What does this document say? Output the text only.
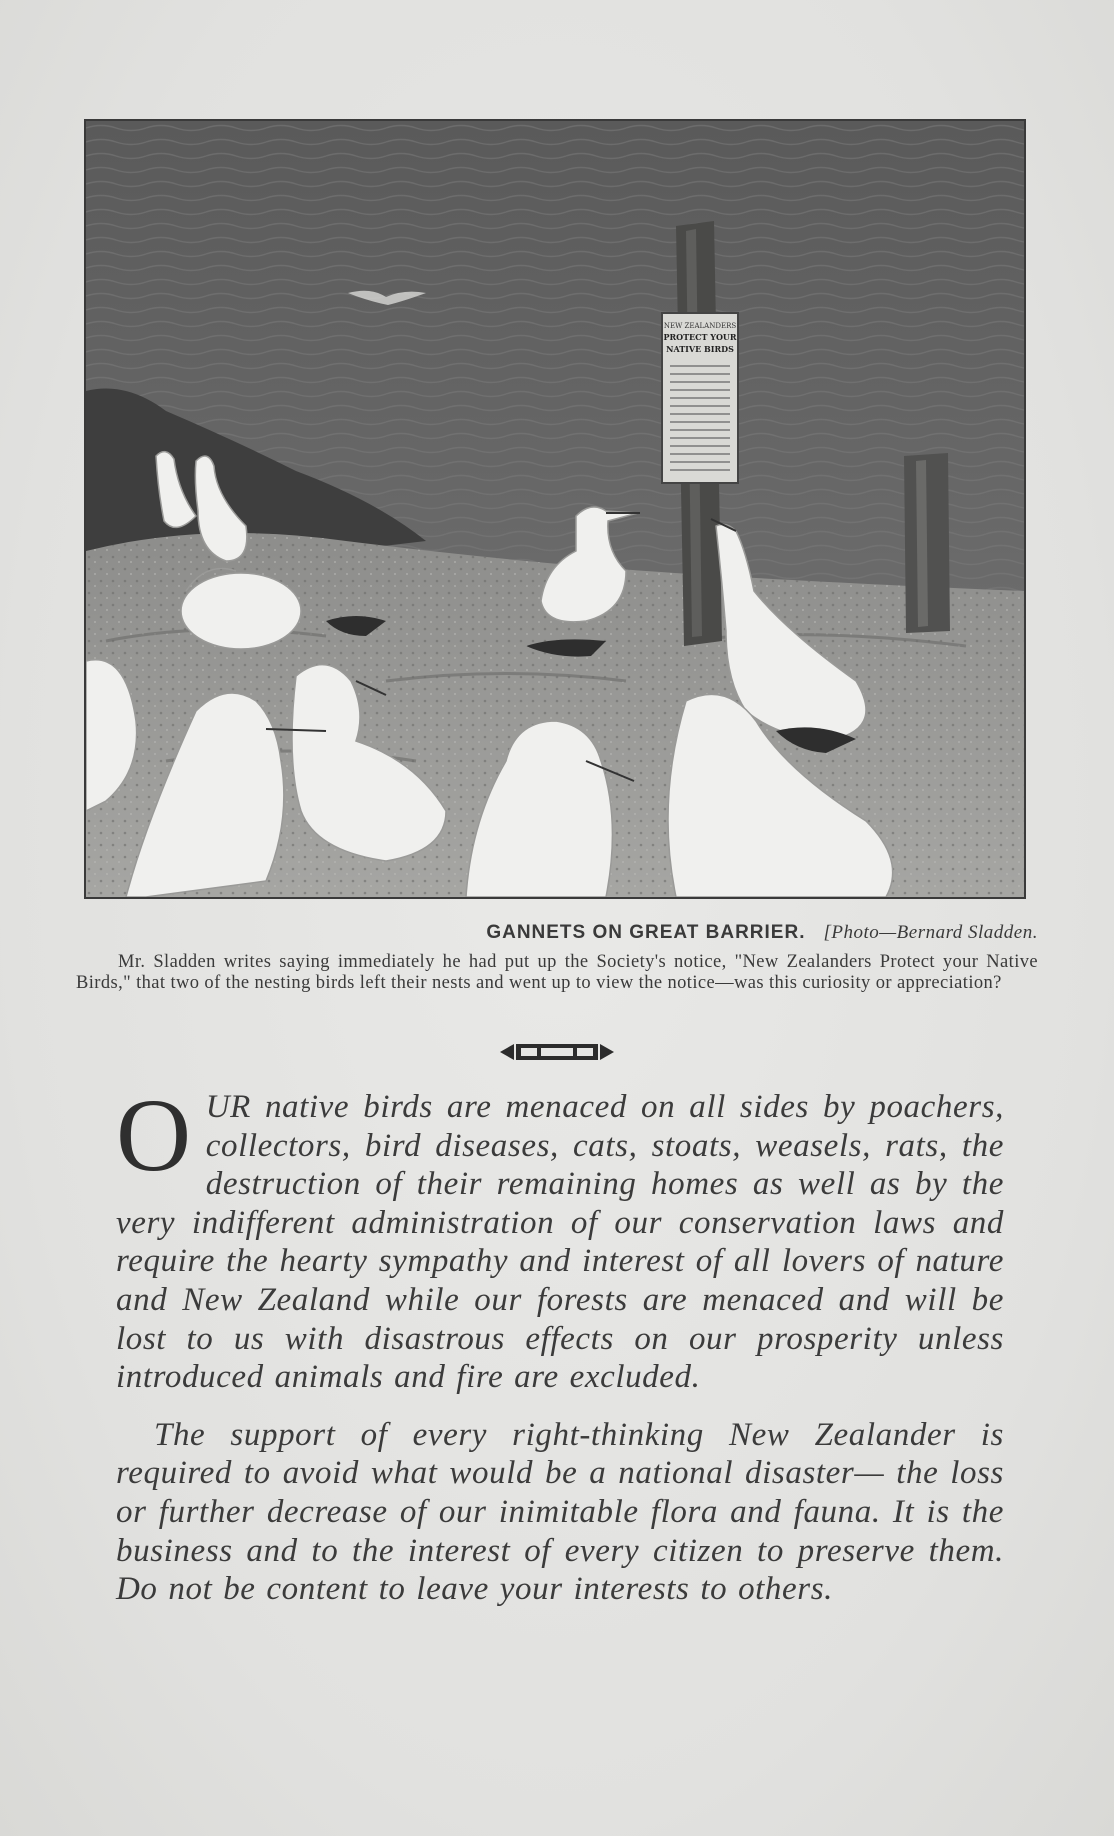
NEW ZEALANDERS
PROTECT YOUR
NATIVE BIRDS
GANNETS ON GREAT BARRIER. [Photo—Bernard Sladden.
Mr. Sladden writes saying immediately he had put up the Society's notice, "New Zealanders Protect your Native Birds," that two of the nesting birds left their nests and went up to view the notice—was this curiosity or appreciation?

OUR native birds are menaced on all sides by poachers, collectors, bird diseases, cats, stoats, weasels, rats, the destruction of their remaining homes as well as by the very indifferent administration of our conservation laws and require the hearty sympathy and interest of all lovers of nature and New Zealand while our forests are menaced and will be lost to us with disastrous effects on our prosperity unless introduced animals and fire are excluded.

The support of every right-thinking New Zealander is required to avoid what would be a national disaster— the loss or further decrease of our inimitable flora and fauna. It is the business and to the interest of every citizen to preserve them. Do not be content to leave your interests to others.
